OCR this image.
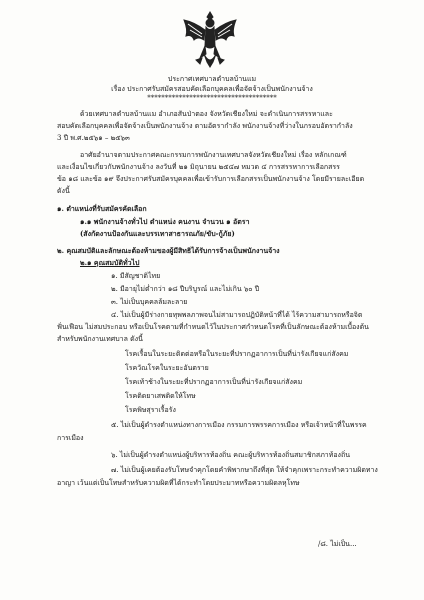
ประกาศเทศบาลตำบลบ้านแม
เรื่อง ประกาศรับสมัครสอบคัดเลือกบุคคลเพื่อจัดจ้างเป็นพนักงานจ้าง
*************************************
ด้วยเทศบาลตำบลบ้านแม อำเภอสันป่าตอง จังหวัดเชียงใหม่ จะดำเนินการสรรหาและ
สอบคัดเลือกบุคคลเพื่อจัดจ้างเป็นพนักงานจ้าง ตามอัตรากำลัง พนักงานจ้างที่ว่างในกรอบอัตรากำลัง
3 ปี พ.ศ.๒๕๖๑ – ๒๕๖๓
อาศัยอำนาจตามประกาศคณะกรรมการพนักงานเทศบาลจังหวัดเชียงใหม่ เรื่อง หลักเกณฑ์
และเงื่อนไขเกี่ยวกับพนักงานจ้าง ลงวันที่ ๒๑ มิถุนายน ๒๕๔๗ หมวด ๔ การสรรหาการเลือกสรร
ข้อ ๑๘ และข้อ ๑๙ จึงประกาศรับสมัครบุคคลเพื่อเข้ารับการเลือกสรรเป็นพนักงานจ้าง โดยมีรายละเอียด
ดังนี้
๑. ตำแหน่งที่รับสมัครคัดเลือก
๑.๑ พนักงานจ้างทั่วไป ตำแหน่ง คนงาน จำนวน ๑ อัตรา
(สังกัดงานป้องกันและบรรเทาสาธารณภัย/ขับ-กู้ภัย)
๒. คุณสมบัติและลักษณะต้องห้ามของผู้มีสิทธิได้รับการจ้างเป็นพนักงานจ้าง
๒.๑ คุณสมบัติทั่วไป
๑. มีสัญชาติไทย
๒. มีอายุไม่ต่ำกว่า ๑๘ ปีบริบูรณ์ และไม่เกิน ๖๐ ปี
๓. ไม่เป็นบุคคลล้มละลาย
๔. ไม่เป็นผู้มีร่างกายทุพพลภาพจนไม่สามารถปฏิบัติหน้าที่ได้ ไร้ความสามารถหรือจิต
ฟั่นเฟือน ไม่สมประกอบ หรือเป็นโรคตามที่กำหนดไว้ในประกาศกำหนดโรคที่เป็นลักษณะต้องห้ามเบื้องต้น
สำหรับพนักงานเทศบาล ดังนี้
โรคเรื้อนในระยะติดต่อหรือในระยะที่ปรากฏอาการเป็นที่น่ารังเกียจแก่สังคม
โรควัณโรคในระยะอันตราย
โรคเท้าช้างในระยะที่ปรากฏอาการเป็นที่น่ารังเกียจแก่สังคม
โรคติดยาเสพติดให้โทษ
โรคพิษสุราเรื้อรัง
๕. ไม่เป็นผู้ดำรงตำแหน่งทางการเมือง กรรมการพรรคการเมือง หรือเจ้าหน้าที่ในพรรค
การเมือง
๖. ไม่เป็นผู้ดำรงตำแหน่งผู้บริหารท้องถิ่น คณะผู้บริหารท้องถิ่นสมาชิกสภาท้องถิ่น
๗. ไม่เป็นผู้เคยต้องรับโทษจำคุกโดยคำพิพากษาถึงที่สุด ให้จำคุกเพราะกระทำความผิดทาง
อาญา เว้นแต่เป็นโทษสำหรับความผิดที่ได้กระทำโดยประมาทหรือความผิดลหุโทษ
/๘. ไม่เป็น...
